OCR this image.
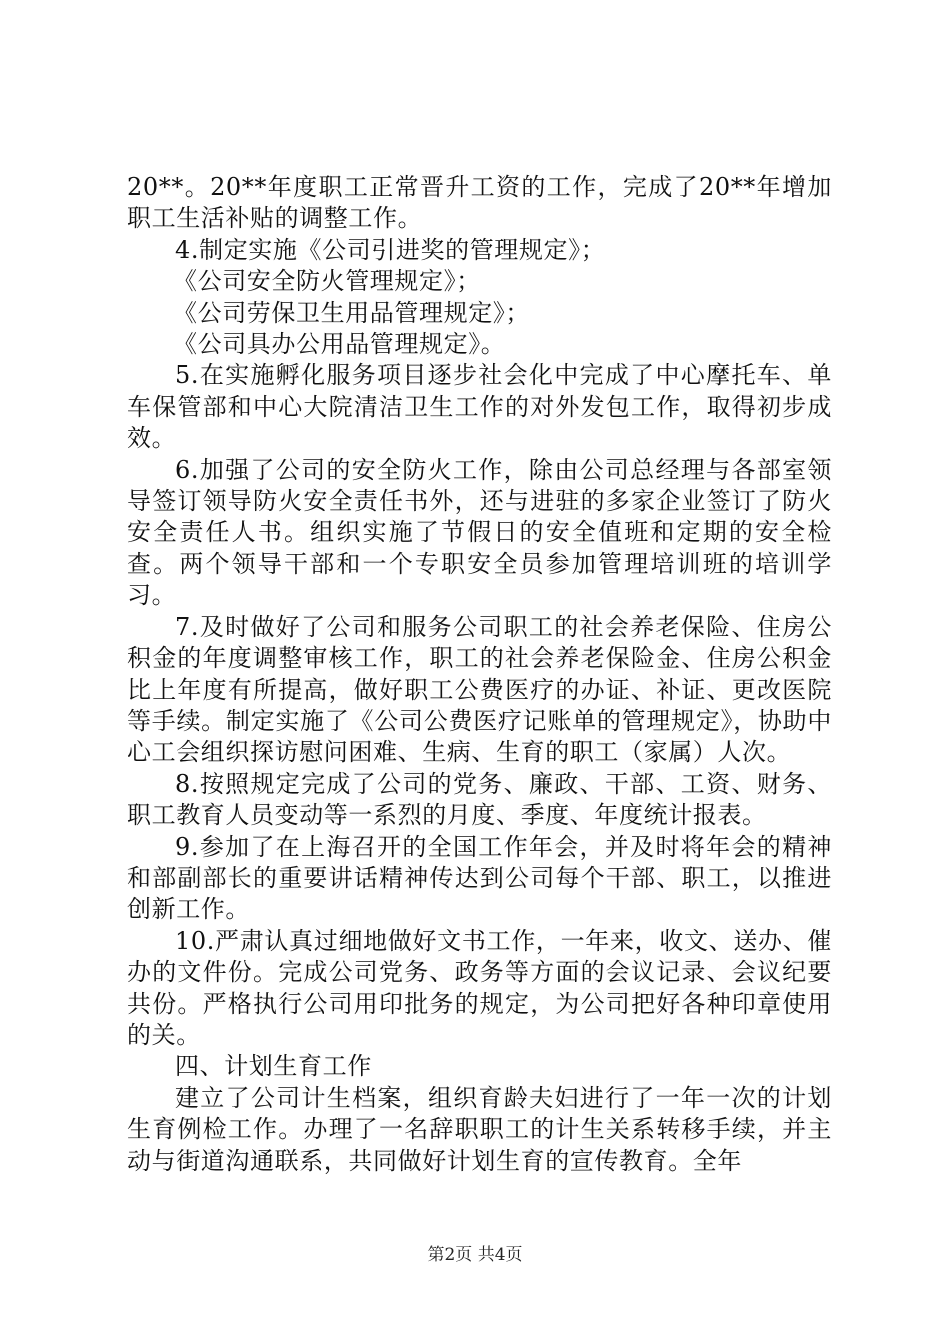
20**。20**年度职工正常晋升工资的工作，完成了20**年增加职工生活补贴的调整工作。

4.制定实施《公司引进奖的管理规定》；

《公司安全防火管理规定》；

《公司劳保卫生用品管理规定》；

《公司具办公用品管理规定》。

5.在实施孵化服务项目逐步社会化中完成了中心摩托车、单车保管部和中心大院清洁卫生工作的对外发包工作，取得初步成效。

6.加强了公司的安全防火工作，除由公司总经理与各部室领导签订领导防火安全责任书外，还与进驻的多家企业签订了防火安全责任人书。组织实施了节假日的安全值班和定期的安全检查。两个领导干部和一个专职安全员参加管理培训班的培训学习。

7.及时做好了公司和服务公司职工的社会养老保险、住房公积金的年度调整审核工作，职工的社会养老保险金、住房公积金比上年度有所提高，做好职工公费医疗的办证、补证、更改医院等手续。制定实施了《公司公费医疗记账单的管理规定》，协助中心工会组织探访慰问困难、生病、生育的职工（家属）人次。

8.按照规定完成了公司的党务、廉政、干部、工资、财务、职工教育人员变动等一系烈的月度、季度、年度统计报表。

9.参加了在上海召开的全国工作年会，并及时将年会的精神和部副部长的重要讲话精神传达到公司每个干部、职工，以推进创新工作。

10.严肃认真过细地做好文书工作，一年来，收文、送办、催办的文件份。完成公司党务、政务等方面的会议记录、会议纪要共份。严格执行公司用印批务的规定，为公司把好各种印章使用的关。

四、计划生育工作

建立了公司计生档案，组织育龄夫妇进行了一年一次的计划生育例检工作。办理了一名辞职职工的计生关系转移手续，并主动与街道沟通联系，共同做好计划生育的宣传教育。全年

第2页 共4页
